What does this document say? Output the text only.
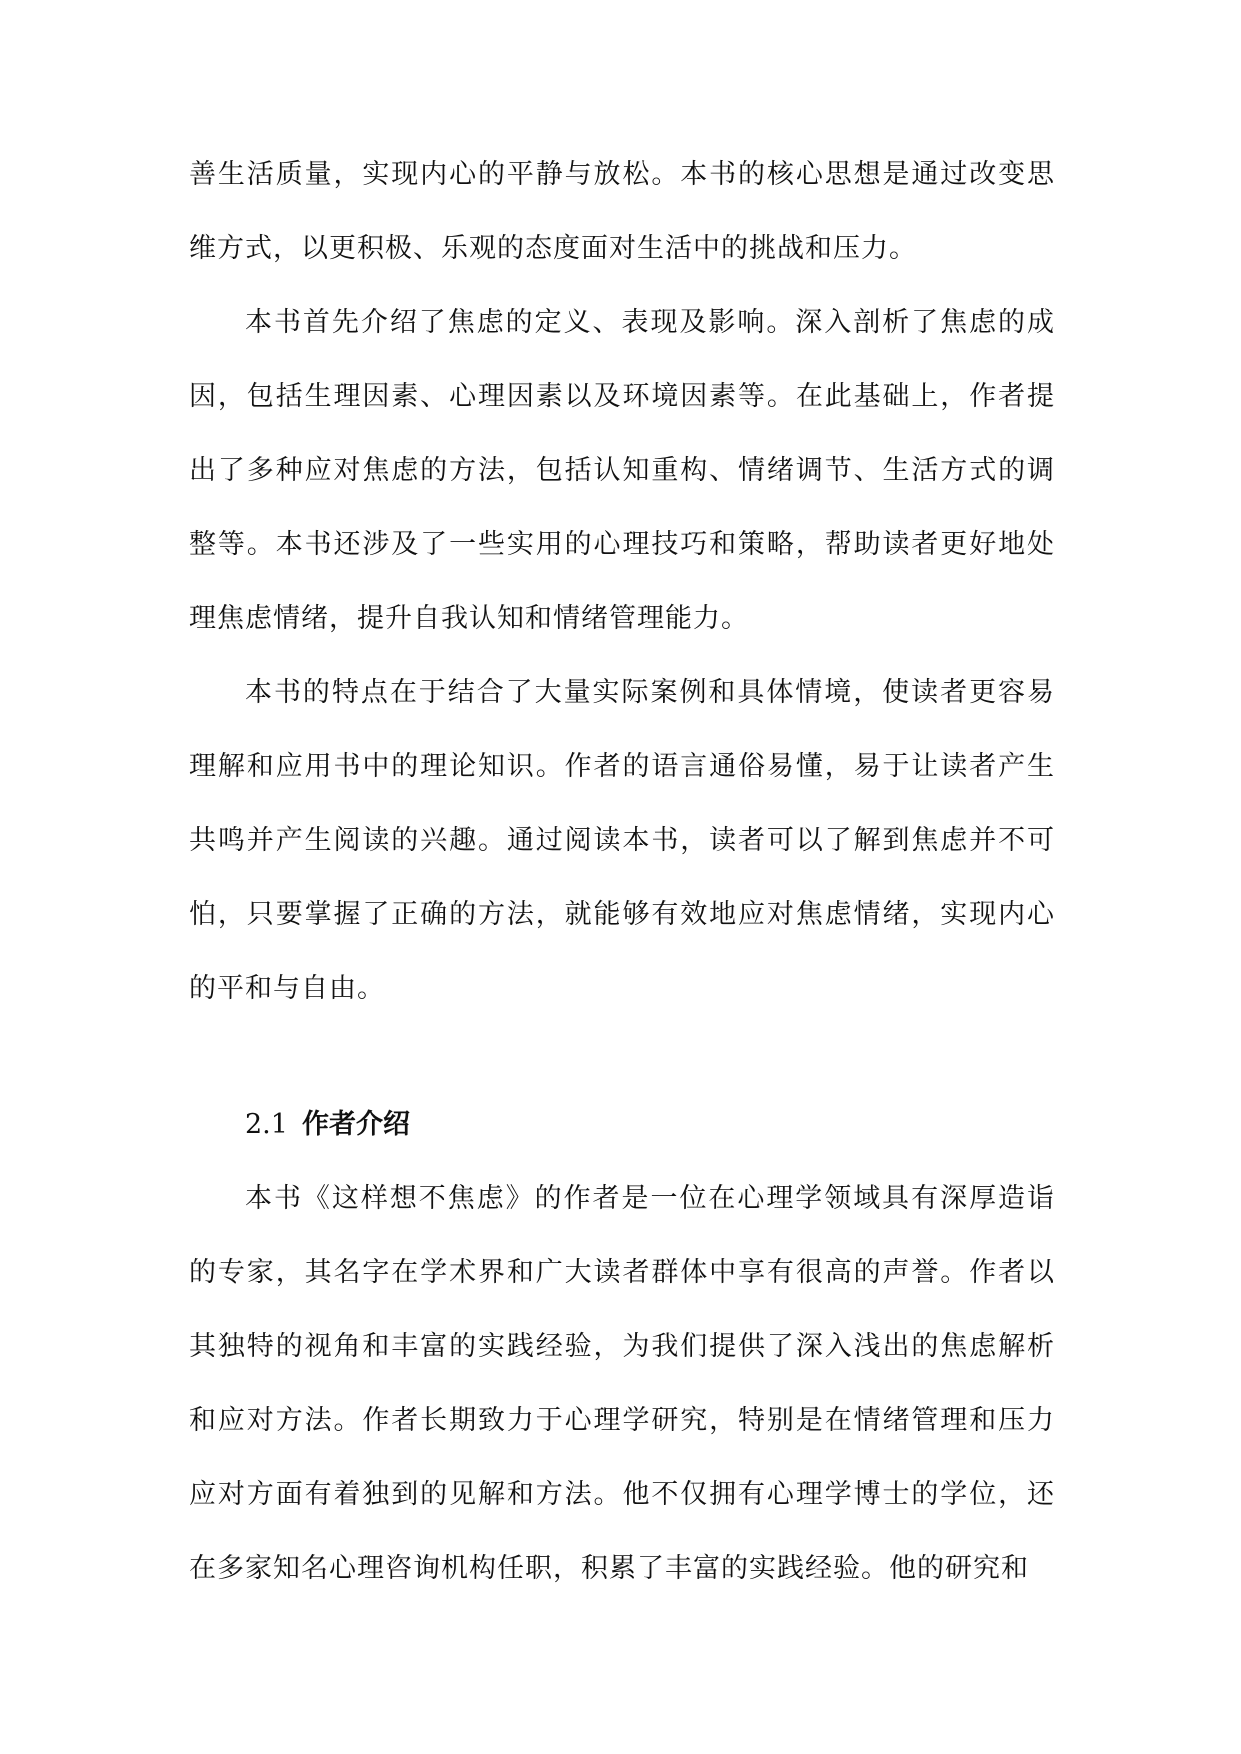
善生活质量，实现内心的平静与放松。本书的核心思想是通过改变思维方式，以更积极、乐观的态度面对生活中的挑战和压力。

本书首先介绍了焦虑的定义、表现及影响。深入剖析了焦虑的成因，包括生理因素、心理因素以及环境因素等。在此基础上，作者提出了多种应对焦虑的方法，包括认知重构、情绪调节、生活方式的调整等。本书还涉及了一些实用的心理技巧和策略，帮助读者更好地处理焦虑情绪，提升自我认知和情绪管理能力。

本书的特点在于结合了大量实际案例和具体情境，使读者更容易理解和应用书中的理论知识。作者的语言通俗易懂，易于让读者产生共鸣并产生阅读的兴趣。通过阅读本书，读者可以了解到焦虑并不可怕，只要掌握了正确的方法，就能够有效地应对焦虑情绪，实现内心的平和与自由。

2.1 作者介绍

本书《这样想不焦虑》的作者是一位在心理学领域具有深厚造诣的专家，其名字在学术界和广大读者群体中享有很高的声誉。作者以其独特的视角和丰富的实践经验，为我们提供了深入浅出的焦虑解析和应对方法。作者长期致力于心理学研究，特别是在情绪管理和压力应对方面有着独到的见解和方法。他不仅拥有心理学博士的学位，还在多家知名心理咨询机构任职，积累了丰富的实践经验。他的研究和
